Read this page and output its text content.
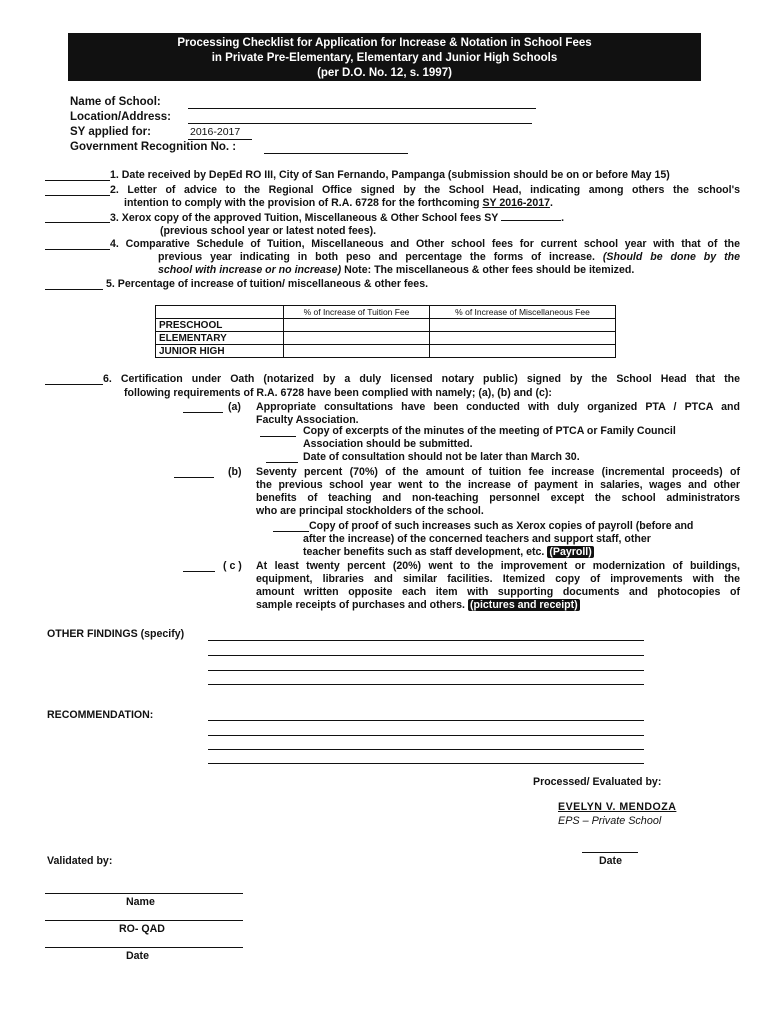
Processing Checklist for Application for Increase & Notation in School Fees
in Private Pre-Elementary, Elementary and Junior High Schools
(per D.O. No. 12, s. 1997)
Name of School:
Location/Address:
SY applied for:	2016-2017
Government Recognition No. :
1. Date received by DepEd RO III, City of San Fernando, Pampanga (submission should be on or before May 15)
2. Letter of advice to the Regional Office signed by the School Head, indicating among others the school's
intention to comply with the provision of R.A. 6728 for the forthcoming SY 2016-2017.
3. Xerox copy of the approved Tuition, Miscellaneous & Other School fees SY	.
(previous school year or latest noted fees).
4. Comparative Schedule of Tuition, Miscellaneous and Other school fees for current school year with that of the
previous year indicating in both peso and percentage the forms of increase. (Should be done by the
school with increase or no increase) Note: The miscellaneous & other fees should be itemized.
5. Percentage of increase of tuition/ miscellaneous & other fees.
	% of Increase of Tuition Fee	% of Increase of Miscellaneous Fee
PRESCHOOL		
ELEMENTARY		
JUNIOR HIGH		
6. Certification under Oath (notarized by a duly licensed notary public) signed by the School Head that the
following requirements of R.A. 6728 have been complied with namely; (a), (b) and (c):
(a) Appropriate consultations have been conducted with duly organized PTA / PTCA and
Faculty Association.
Copy of excerpts of the minutes of the meeting of PTCA or Family Council
Association should be submitted.
Date of consultation should not be later than March 30.
(b) Seventy percent (70%) of the amount of tuition fee increase (incremental proceeds) of
the previous school year went to the increase of payment in salaries, wages and other
benefits of teaching and non-teaching personnel except the school administrators
who are principal stockholders of the school.
Copy of proof of such increases such as Xerox copies of payroll (before and
after the increase) of the concerned teachers and support staff, other
teacher benefits such as staff development, etc. (Payroll)
( c ) At least twenty percent (20%) went to the improvement or modernization of buildings,
equipment, libraries and similar facilities. Itemized copy of improvements with the
amount written opposite each item with supporting documents and photocopies of
sample receipts of purchases and others. (pictures and receipt)
OTHER FINDINGS (specify)
RECOMMENDATION:
Processed/ Evaluated by:
EVELYN V. MENDOZA
EPS – Private School
Date
Validated by:
Name
RO- QAD
Date
